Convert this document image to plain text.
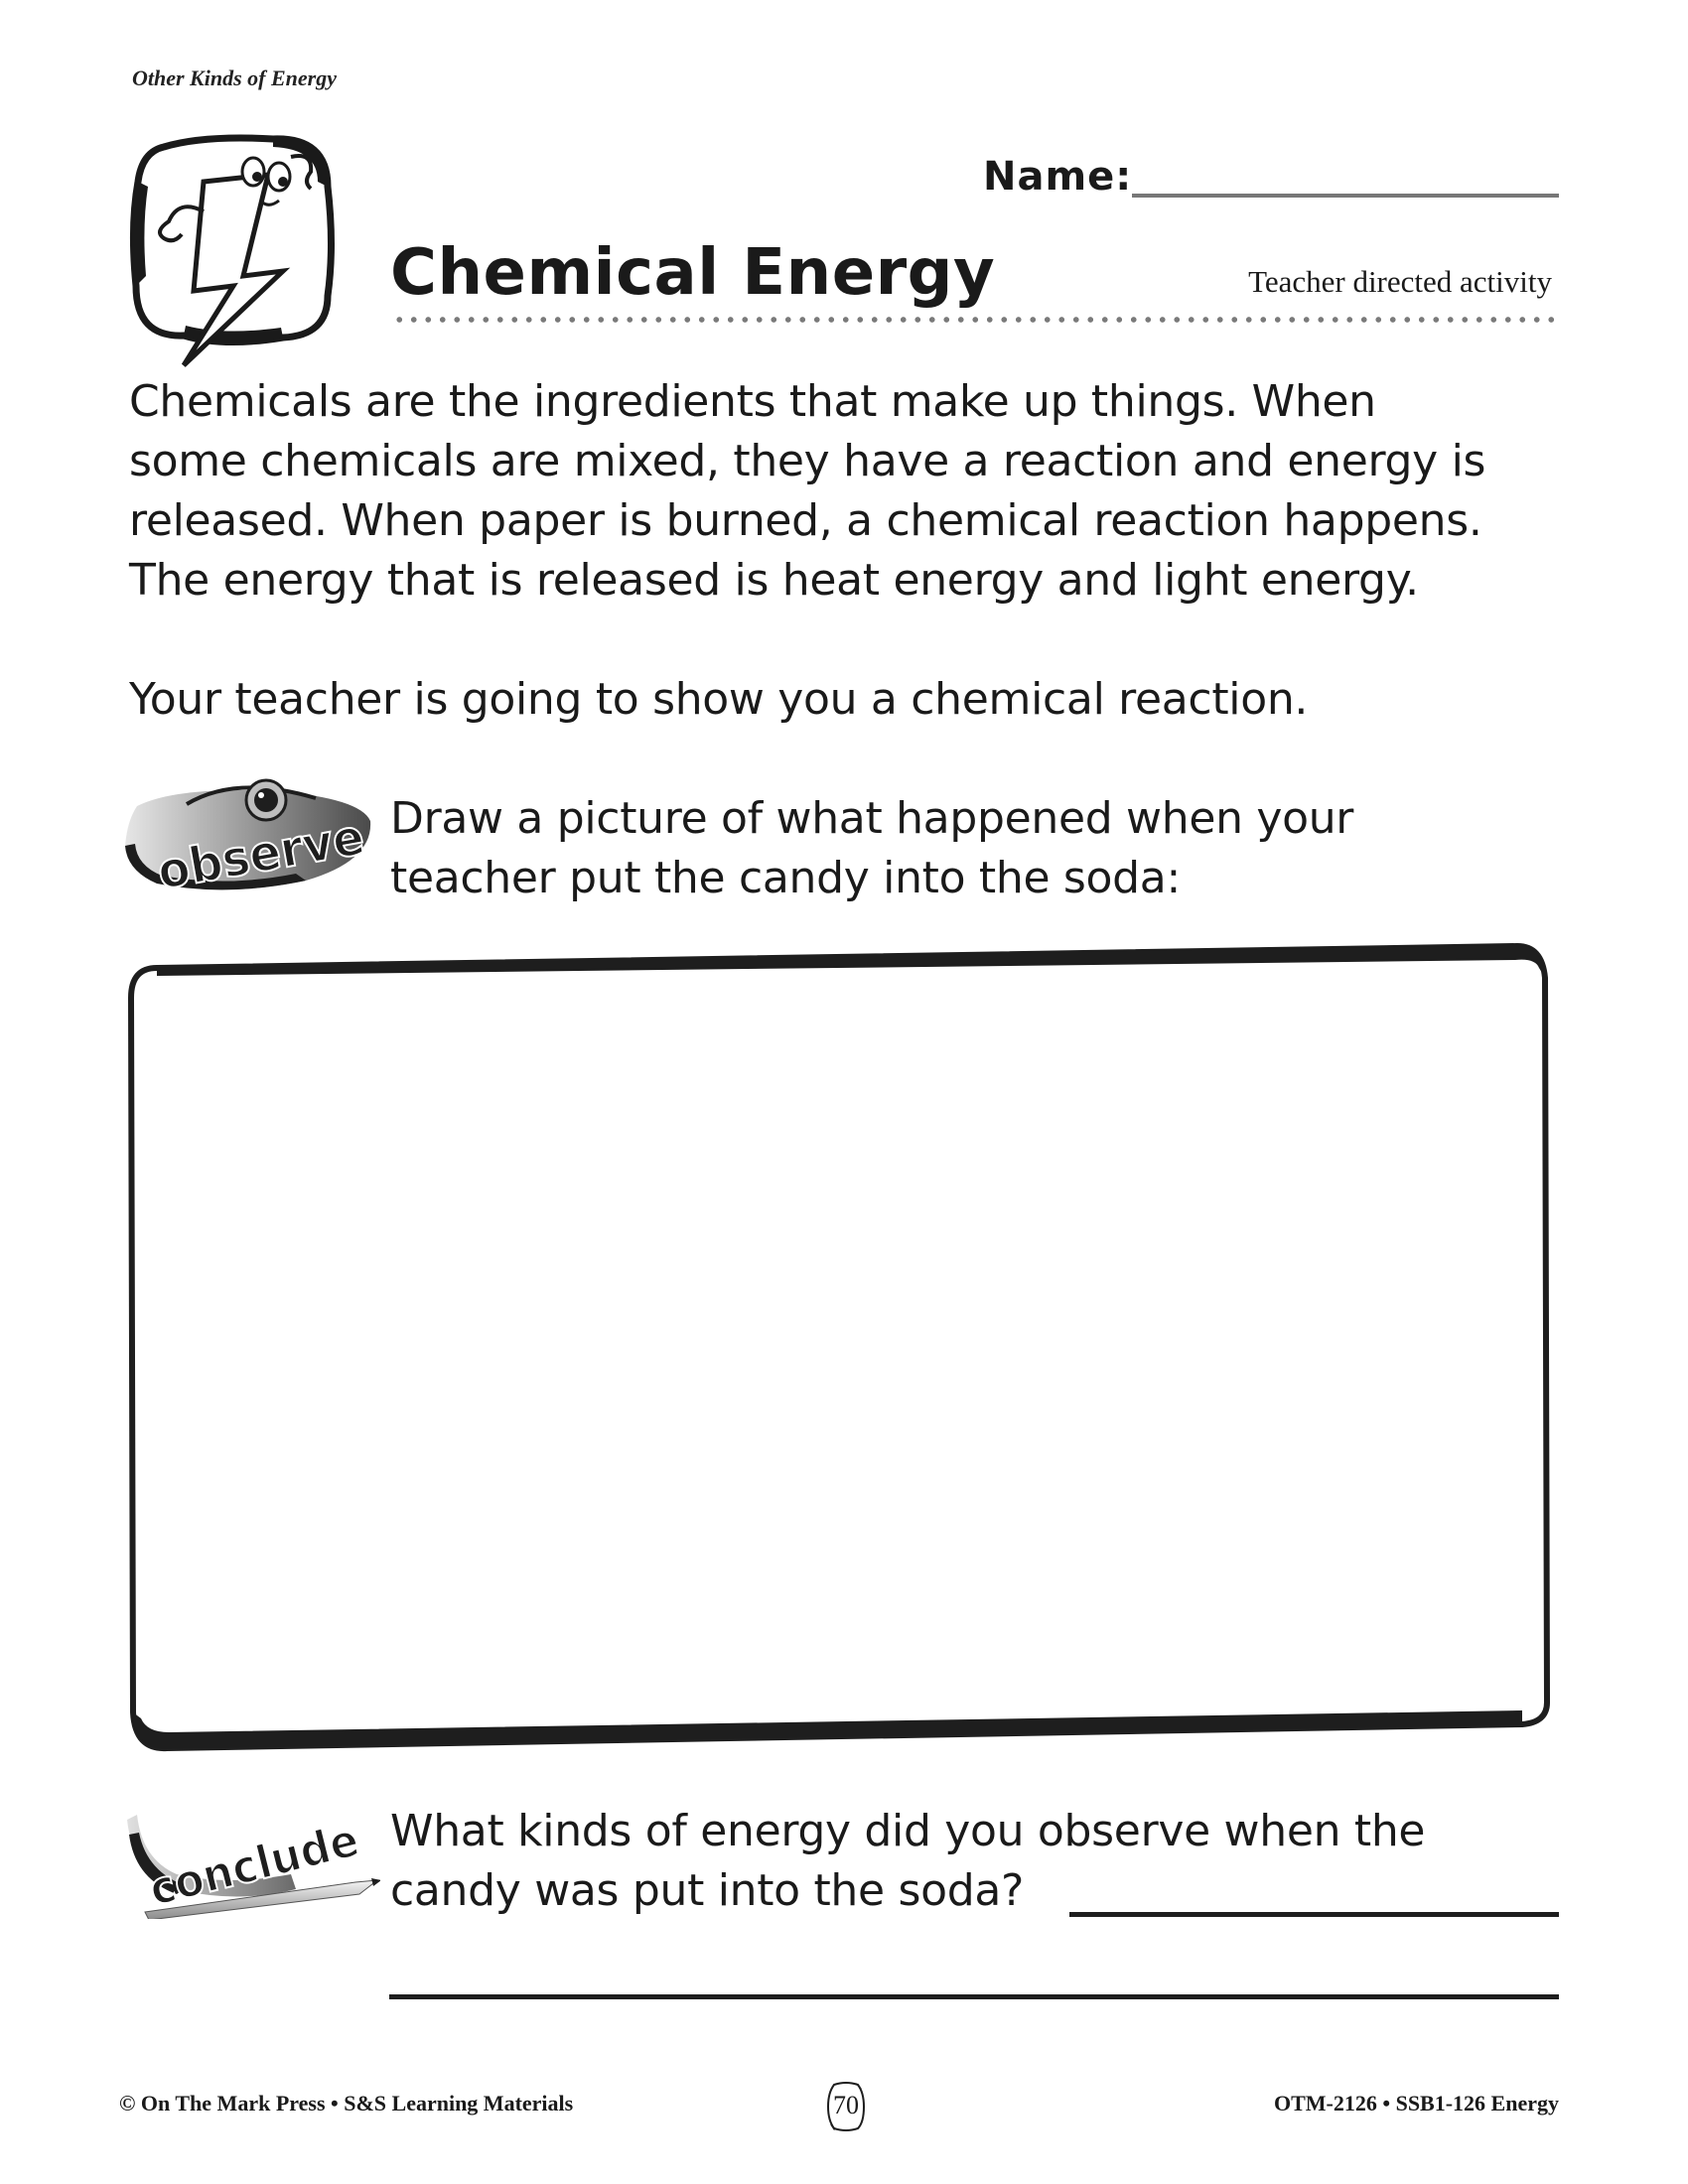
Other Kinds of Energy
Name:
Chemical Energy	Teacher directed activity

Chemicals are the ingredients that make up things. When

some chemicals are mixed, they have a reaction and energy is

released. When paper is burned, a chemical reaction happens.

The energy that is released is heat energy and light energy.

Your teacher is going to show you a chemical reaction.

observe Draw a picture of what happened when your
teacher put the candy into the soda:
conclude What kinds of energy did you observe when the
candy was put into the soda?
© On The Mark Press • S&S Learning Materials	70	OTM-2126 • SSB1-126 Energy
